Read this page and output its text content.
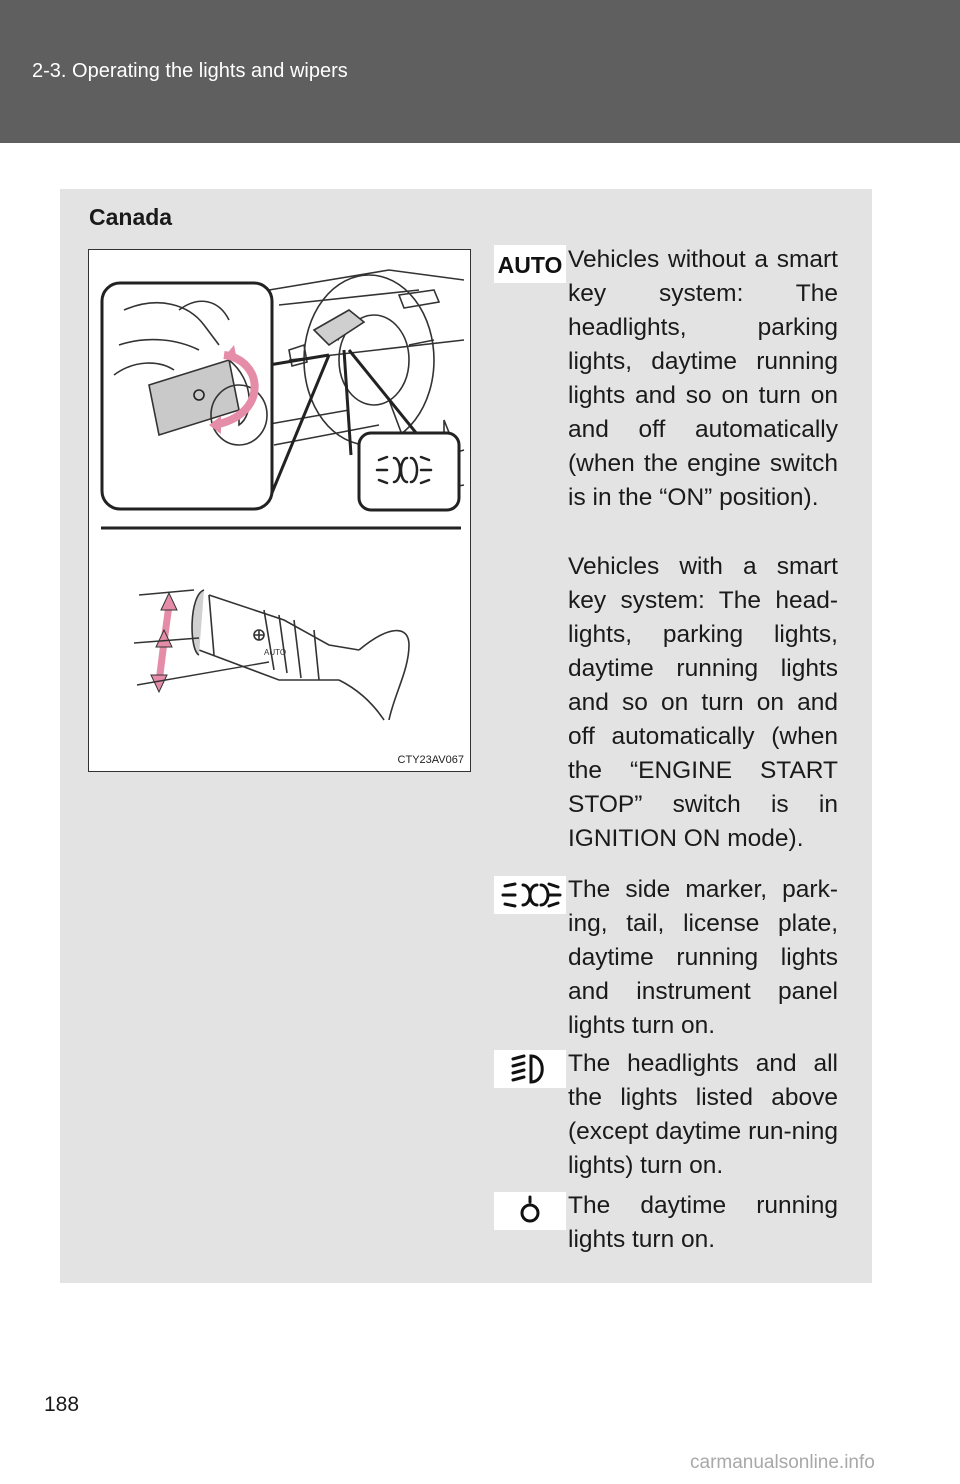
2-3. Operating the lights and wipers
Canada
AUTO
CTY23AV067
AUTO Vehicles without a smart key system: The headlights, parking lights, daytime running lights and so on turn on and off automatically (when the engine switch is in the “ON” position).

Vehicles with a smart key system: The head-lights, parking lights, daytime running lights and so on turn on and off automatically (when the “ENGINE START STOP” switch is in IGNITION ON mode).

The side marker, park-ing, tail, license plate, daytime running lights and instrument panel lights turn on.

The headlights and all the lights listed above (except daytime run-ning lights) turn on.

The daytime running lights turn on.

188
carmanualsonline.info
